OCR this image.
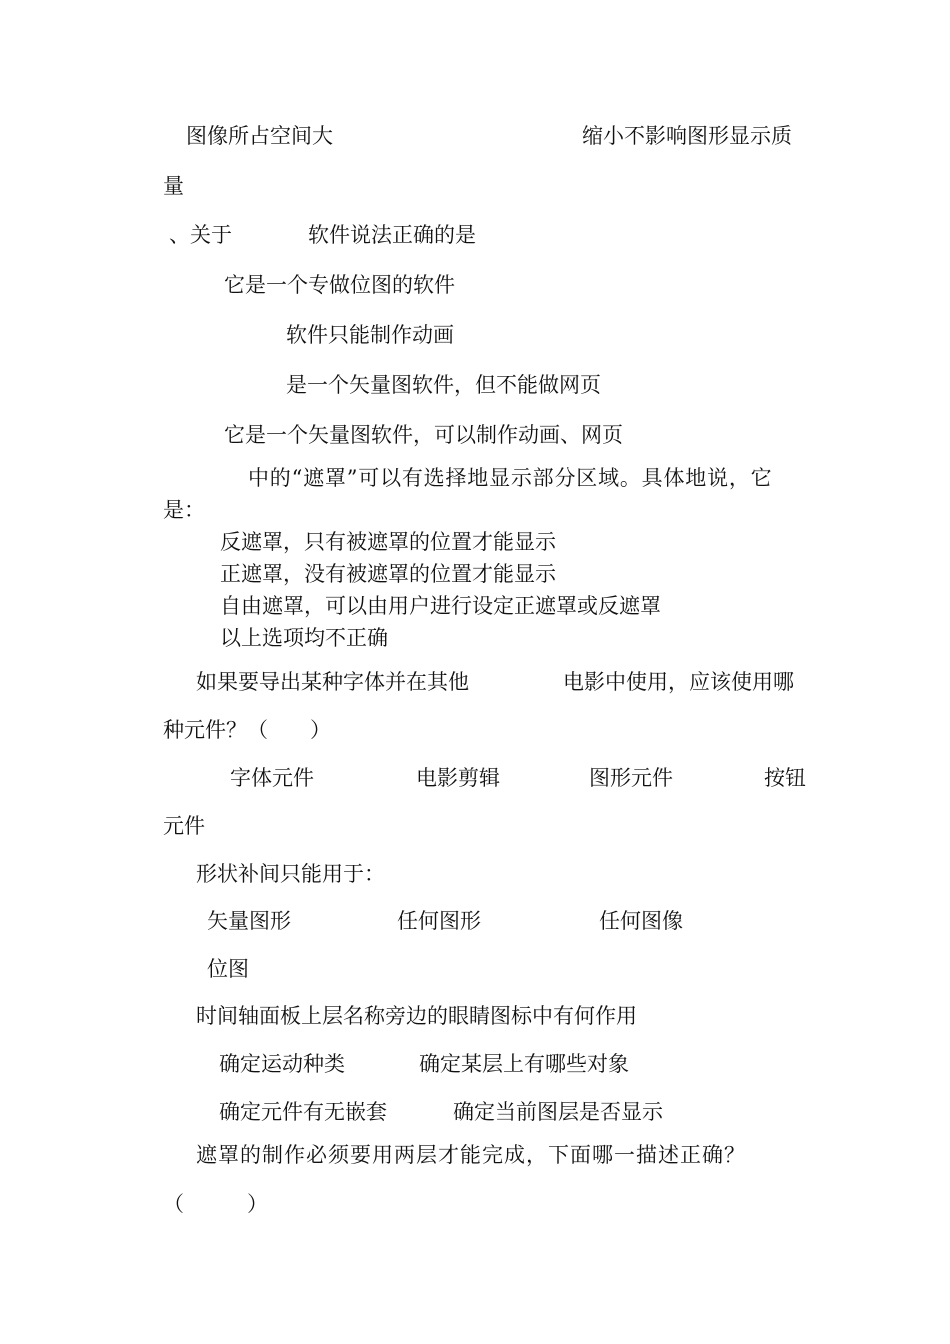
图像所占空间大	缩小不影响图形显示质
量
、关于	软件说法正确的是
它是一个专做位图的软件
软件只能制作动画
是一个矢量图软件，但不能做网页
它是一个矢量图软件，可以制作动画、网页
中的“遮罩”可以有选择地显示部分区域。具体地说，它
是：
反遮罩，只有被遮罩的位置才能显示
正遮罩，没有被遮罩的位置才能显示
自由遮罩，可以由用户进行设定正遮罩或反遮罩
以上选项均不正确
如果要导出某种字体并在其他	电影中使用，应该使用哪
种元件？（　　）
字体元件	电影剪辑	图形元件	按钮
元件
形状补间只能用于：
矢量图形	任何图形	任何图像
位图
时间轴面板上层名称旁边的眼睛图标中有何作用
确定运动种类	确定某层上有哪些对象
确定元件有无嵌套	确定当前图层是否显示
遮罩的制作必须要用两层才能完成，下面哪一描述正确？
（　　　）
